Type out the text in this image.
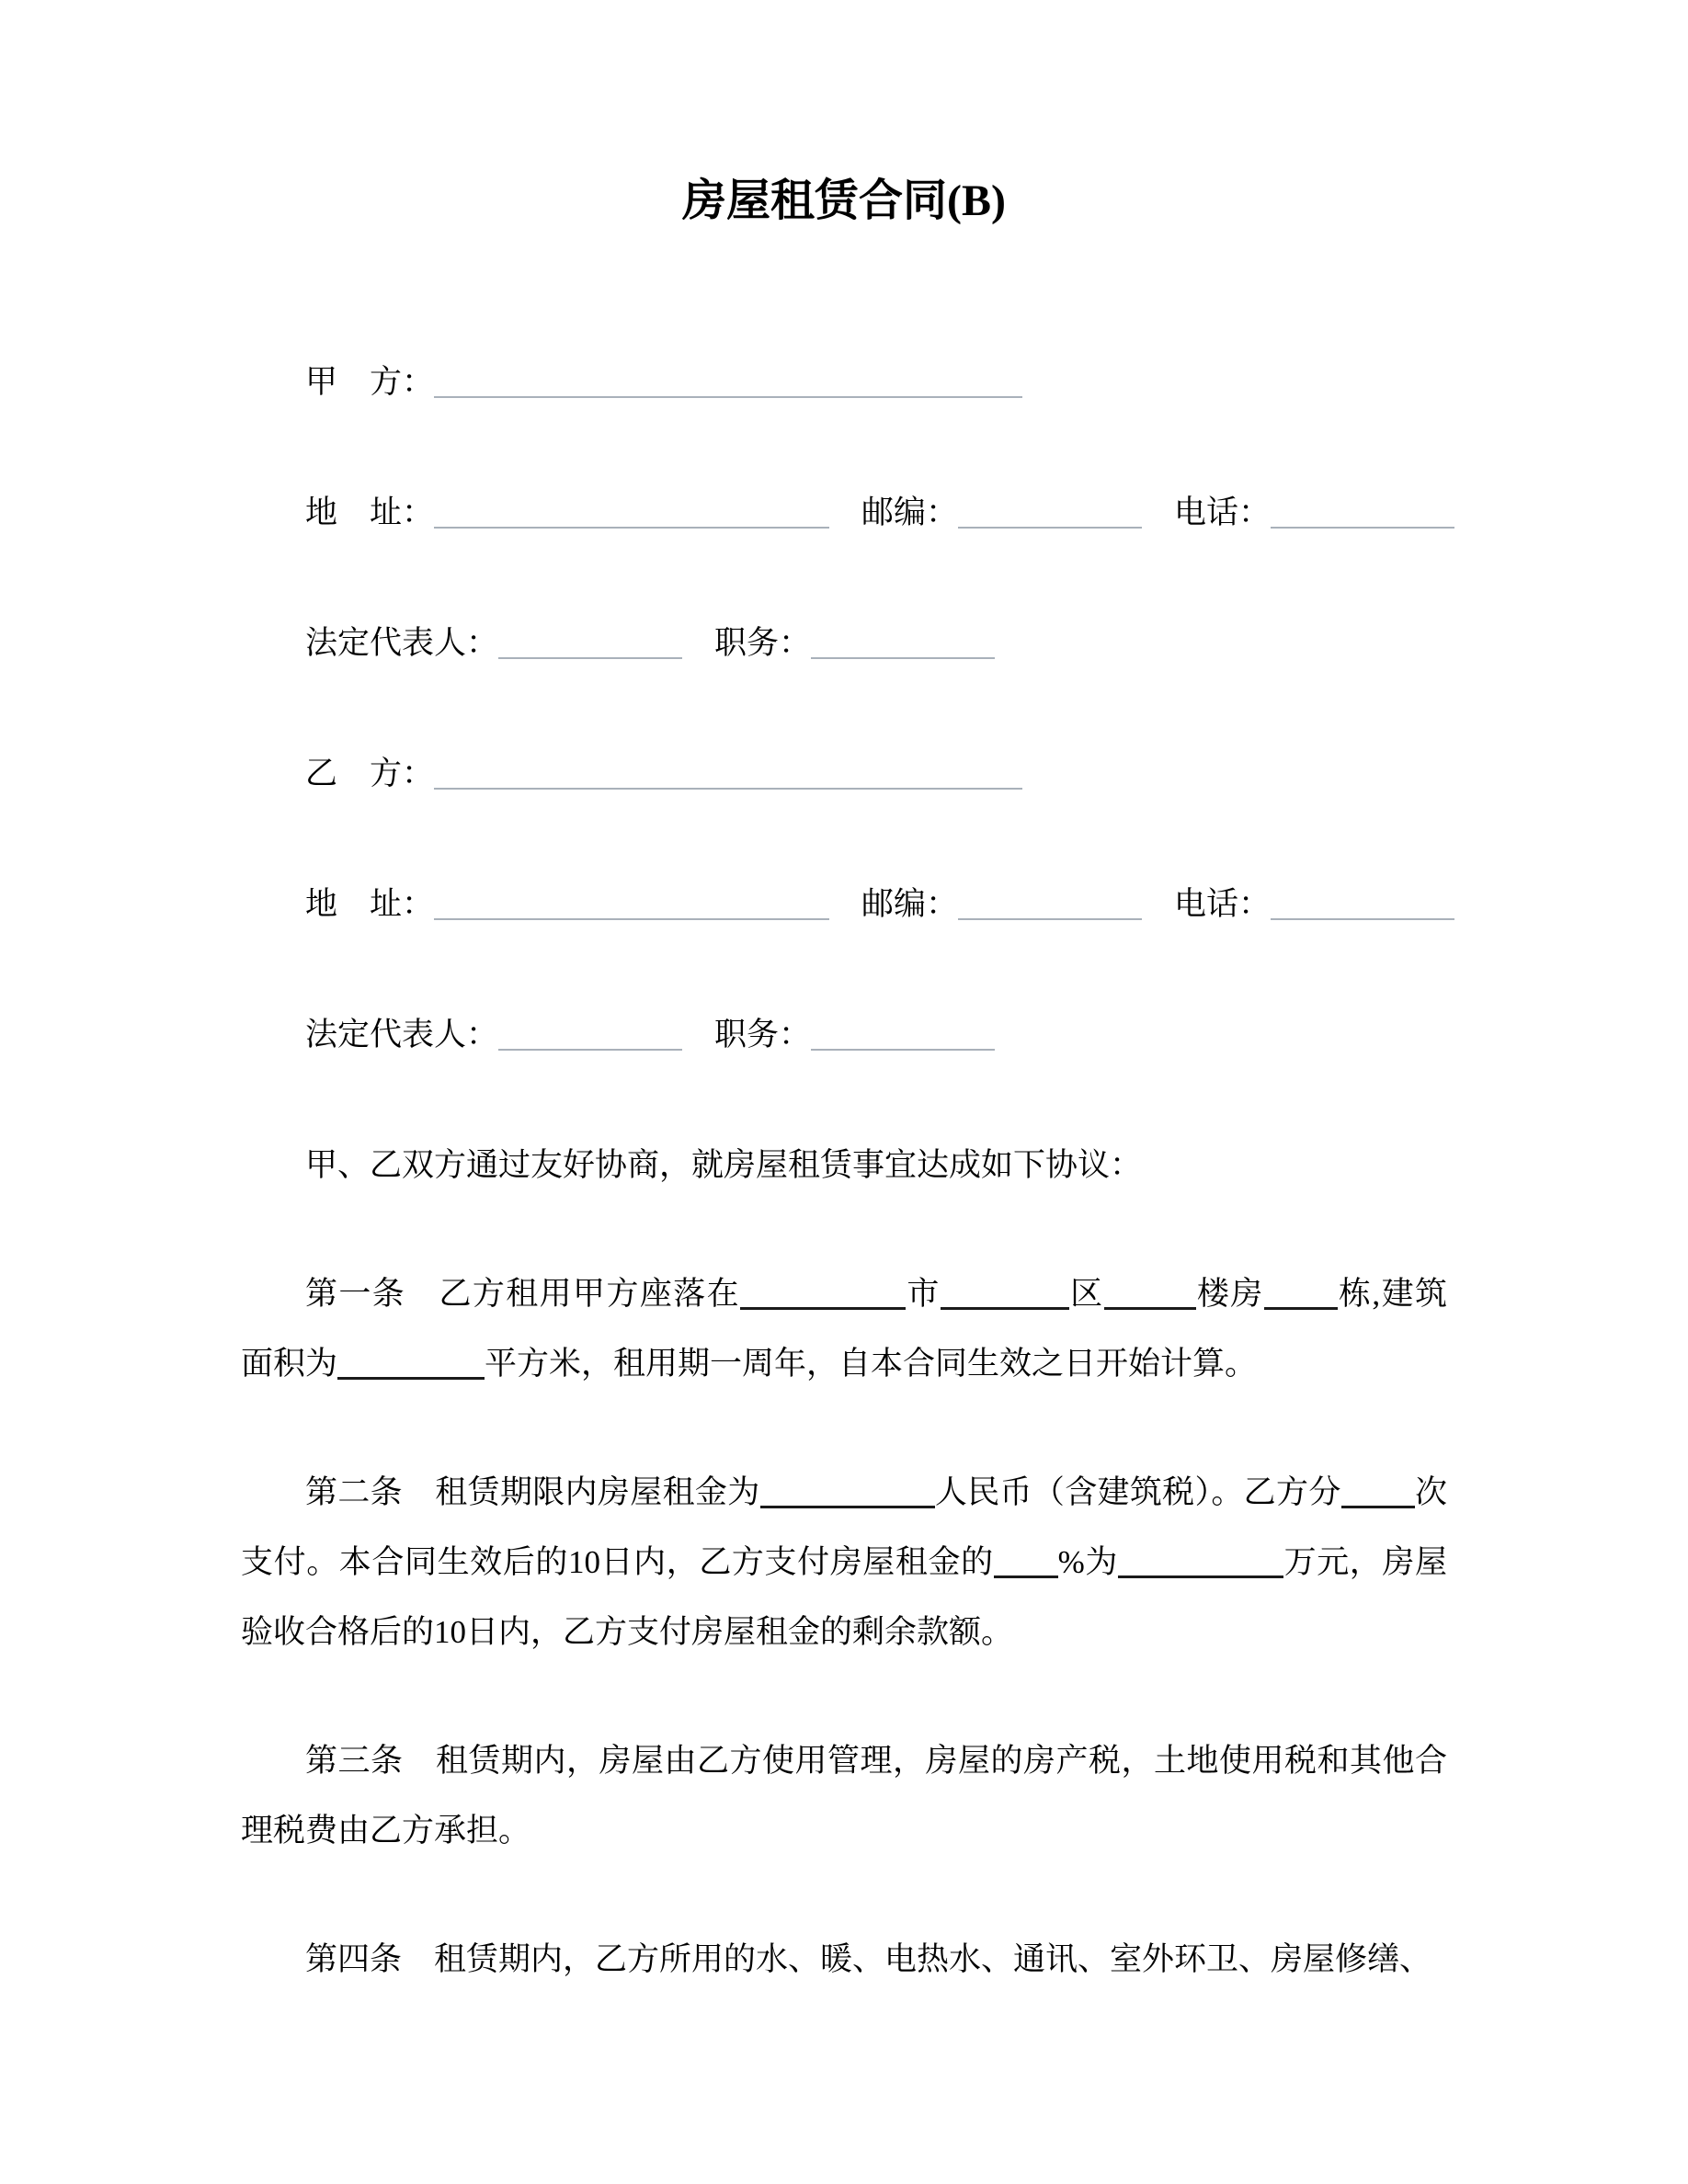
房屋租赁合同(B)

甲　方：

地　址：	　邮编：	　电话：

法定代表人：	　职务：

乙　方：

地　址：	　邮编：	　电话：

法定代表人：	　职务：

甲、乙双方通过友好协商，就房屋租赁事宜达成如下协议：

第一条　乙方租用甲方座落在	市	区	楼房 栋,建筑面积为	平方米，租用期一周年，自本合同生效之日开始计算。

第二条　租赁期限内房屋租金为	人民币（含建筑税）。乙方分 次支付。本合同生效后的10日内，乙方支付房屋租金的 %为	万元，房屋验收合格后的10日内，乙方支付房屋租金的剩余款额。

第三条　租赁期内，房屋由乙方使用管理，房屋的房产税，土地使用税和其他合理税费由乙方承担。

第四条　租赁期内，乙方所用的水、暖、电热水、通讯、室外环卫、房屋修缮、
